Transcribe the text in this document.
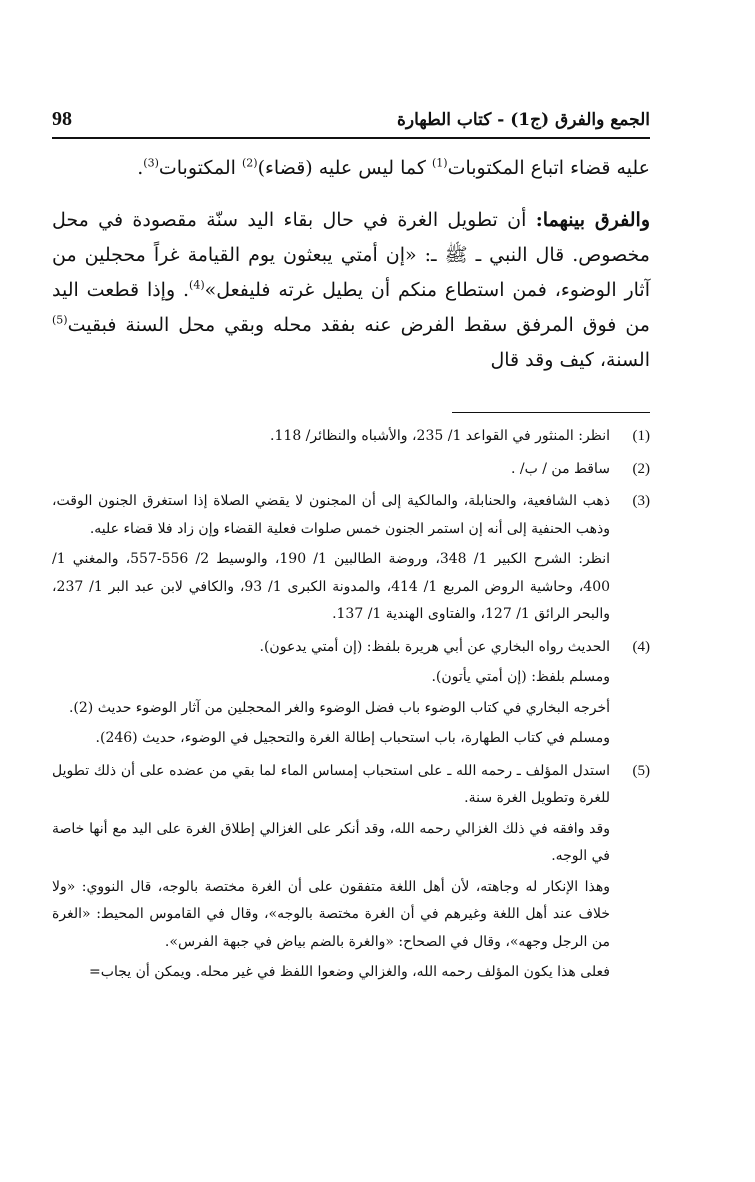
الجمع والفرق (ج1) - كتاب الطهارة
98
عليه قضاء اتباع المكتوبات$^{(1)}$ كما ليس عليه (قضاء)$^{(2)}$ المكتوبات$^{(3)}$.
والفرق بينهما: أن تطويل الغرة في حال بقاء اليد سنّة مقصودة في محل مخصوص. قال النبي ـ ﷺ ـ: «إن أمتي يبعثون يوم القيامة غراً محجلين من آثار الوضوء، فمن استطاع منكم أن يطيل غرته فليفعل»$^{(4)}$. وإذا قطعت اليد من فوق المرفق سقط الفرض عنه بفقد محله وبقي محل السنة فبقيت$^{(5)}$ السنة، كيف وقد قال
(1)

انظر: المنثور في القواعد 1/ 235، والأشباه والنظائر/ 118.

(2)

ساقط من / ب/ .

(3)

ذهب الشافعية، والحنابلة، والمالكية إلى أن المجنون لا يقضي الصلاة إذا استغرق الجنون الوقت، وذهب الحنفية إلى أنه إن استمر الجنون خمس صلوات فعلية القضاء وإن زاد فلا قضاء عليه.

انظر: الشرح الكبير 1/ 348، وروضة الطالبين 1/ 190، والوسيط 2/ 556-557، والمغني 1/ 400، وحاشية الروض المربع 1/ 414، والمدونة الكبرى 1/ 93، والكافي لابن عبد البر 1/ 237، والبحر الرائق 1/ 127، والفتاوى الهندية 1/ 137.

(4)

الحديث رواه البخاري عن أبي هريرة بلفظ: (إن أمتي يدعون).

ومسلم بلفظ: (إن أمتي يأتون).

أخرجه البخاري في كتاب الوضوء باب فضل الوضوء والغر المحجلين من آثار الوضوء حديث (2).

ومسلم في كتاب الطهارة، باب استحباب إطالة الغرة والتحجيل في الوضوء، حديث (246).

(5)

استدل المؤلف ـ رحمه الله ـ على استحباب إمساس الماء لما بقي من عضده على أن ذلك تطويل للغرة وتطويل الغرة سنة.

وقد وافقه في ذلك الغزالي رحمه الله، وقد أنكر على الغزالي إطلاق الغرة على اليد مع أنها خاصة في الوجه.

وهذا الإنكار له وجاهته، لأن أهل اللغة متفقون على أن الغرة مختصة بالوجه، قال النووي: «ولا خلاف عند أهل اللغة وغيرهم في أن الغرة مختصة بالوجه»، وقال في القاموس المحيط: «الغرة من الرجل وجهه»، وقال في الصحاح: «والغرة بالضم بياض في جبهة الفرس».

فعلى هذا يكون المؤلف رحمه الله، والغزالي وضعوا اللفظ في غير محله. ويمكن أن يجاب=
